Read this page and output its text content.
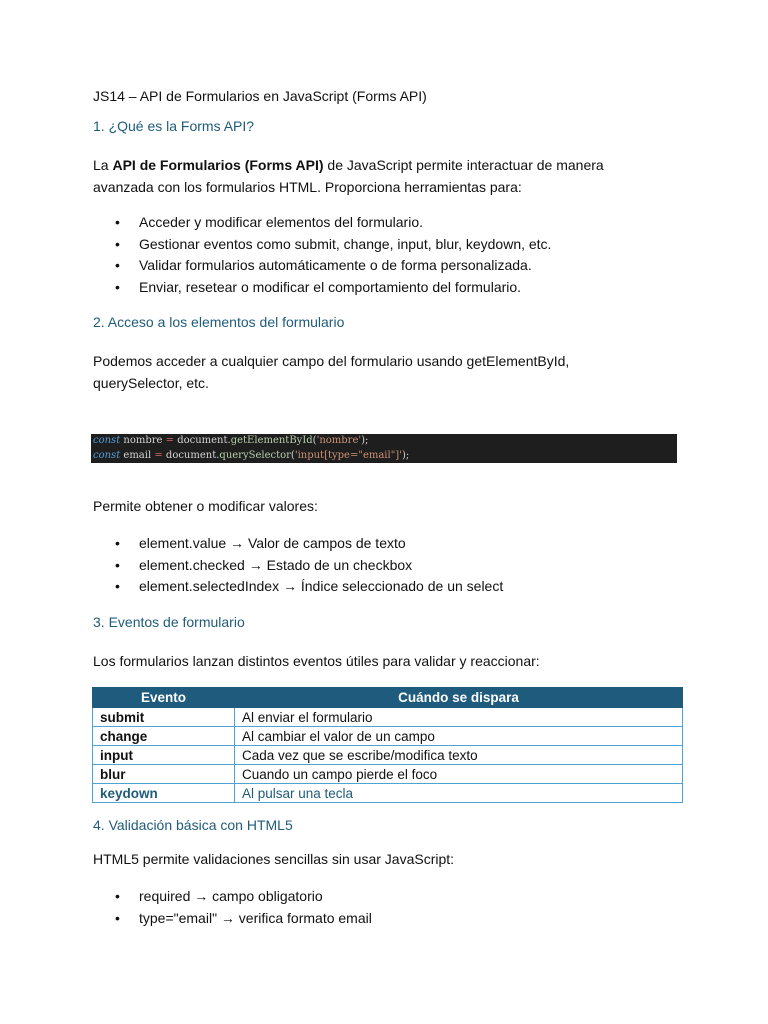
JS14 – API de Formularios en JavaScript (Forms API)
1. ¿Qué es la Forms API?
La API de Formularios (Forms API) de JavaScript permite interactuar de manera
avanzada con los formularios HTML. Proporciona herramientas para:
• Acceder y modificar elementos del formulario.
• Gestionar eventos como submit, change, input, blur, keydown, etc.
• Validar formularios automáticamente o de forma personalizada.
• Enviar, resetear o modificar el comportamiento del formulario.
2. Acceso a los elementos del formulario
Podemos acceder a cualquier campo del formulario usando getElementById,
querySelector, etc.
const nombre = document.getElementById('nombre');
const email = document.querySelector('input[type="email"]');
Permite obtener o modificar valores:
• element.value → Valor de campos de texto
• element.checked → Estado de un checkbox
• element.selectedIndex → Índice seleccionado de un select
3. Eventos de formulario
Los formularios lanzan distintos eventos útiles para validar y reaccionar:
Evento	Cuándo se dispara
submit	Al enviar el formulario
change	Al cambiar el valor de un campo
input	Cada vez que se escribe/modifica texto
blur	Cuando un campo pierde el foco
keydown	Al pulsar una tecla
4. Validación básica con HTML5
HTML5 permite validaciones sencillas sin usar JavaScript:
• required → campo obligatorio
• type="email" → verifica formato email
